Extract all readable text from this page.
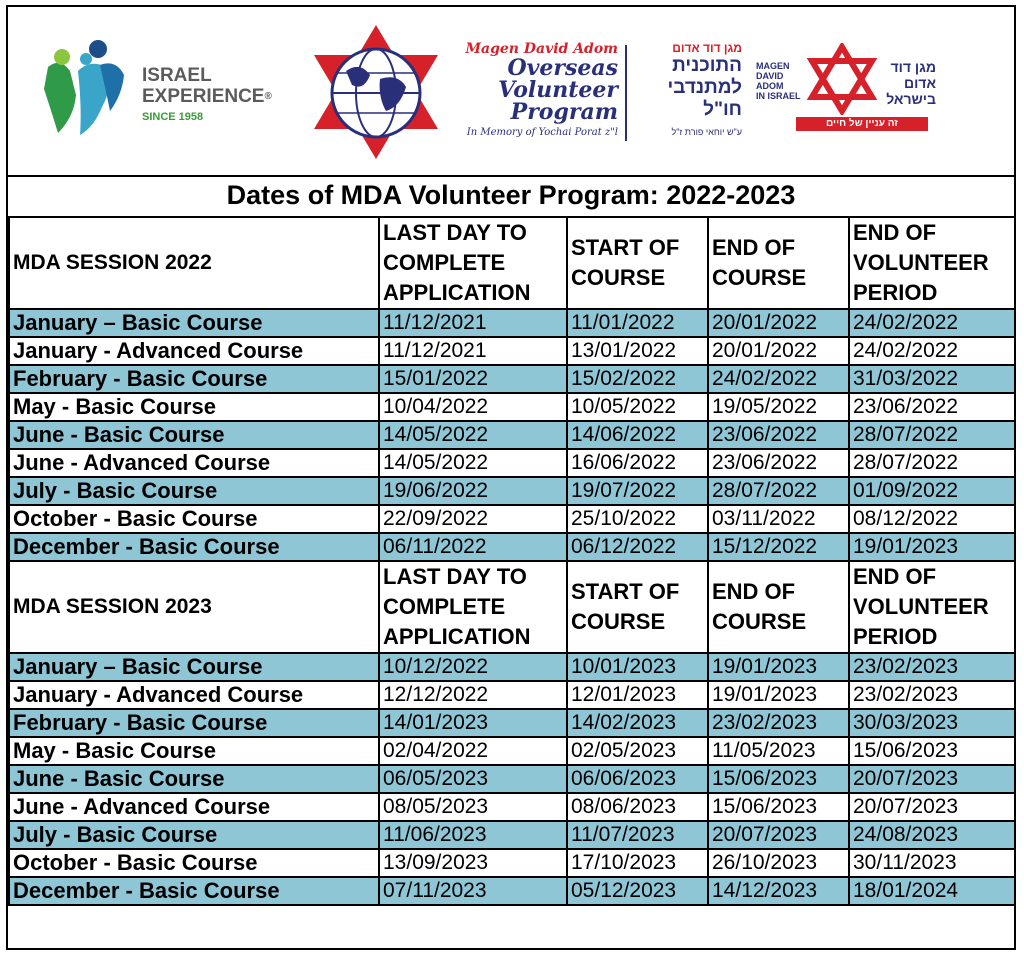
ISRAEL
EXPERIENCE®
SINCE 1958
Magen David Adom
Overseas
Volunteer
Program
In Memory of Yochai Porat z"l
מגן דוד אדום
התוכנית
למתנדבי
חו"ל
ע"ש יוחאי פורת ז"ל
MAGEN
DAVID
ADOM
IN ISRAEL
מגן דוד
אדום
בישראל
זה עניין של חיים
Dates of MDA Volunteer Program: 2022-2023
MDA SESSION 2022	LAST DAY TO COMPLETE APPLICATION	START OF COURSE	END OF COURSE	END OF VOLUNTEER PERIOD
January – Basic Course	11/12/2021	11/01/2022	20/01/2022	24/02/2022
January - Advanced Course	11/12/2021	13/01/2022	20/01/2022	24/02/2022
February - Basic Course	15/01/2022	15/02/2022	24/02/2022	31/03/2022
May - Basic Course	10/04/2022	10/05/2022	19/05/2022	23/06/2022
June - Basic Course	14/05/2022	14/06/2022	23/06/2022	28/07/2022
June - Advanced Course	14/05/2022	16/06/2022	23/06/2022	28/07/2022
July - Basic Course	19/06/2022	19/07/2022	28/07/2022	01/09/2022
October - Basic Course	22/09/2022	25/10/2022	03/11/2022	08/12/2022
December - Basic Course	06/11/2022	06/12/2022	15/12/2022	19/01/2023
MDA SESSION 2023	LAST DAY TO COMPLETE APPLICATION	START OF COURSE	END OF COURSE	END OF VOLUNTEER PERIOD
January – Basic Course	10/12/2022	10/01/2023	19/01/2023	23/02/2023
January - Advanced Course	12/12/2022	12/01/2023	19/01/2023	23/02/2023
February - Basic Course	14/01/2023	14/02/2023	23/02/2023	30/03/2023
May - Basic Course	02/04/2022	02/05/2023	11/05/2023	15/06/2023
June - Basic Course	06/05/2023	06/06/2023	15/06/2023	20/07/2023
June - Advanced Course	08/05/2023	08/06/2023	15/06/2023	20/07/2023
July - Basic Course	11/06/2023	11/07/2023	20/07/2023	24/08/2023
October - Basic Course	13/09/2023	17/10/2023	26/10/2023	30/11/2023
December - Basic Course	07/11/2023	05/12/2023	14/12/2023	18/01/2024
